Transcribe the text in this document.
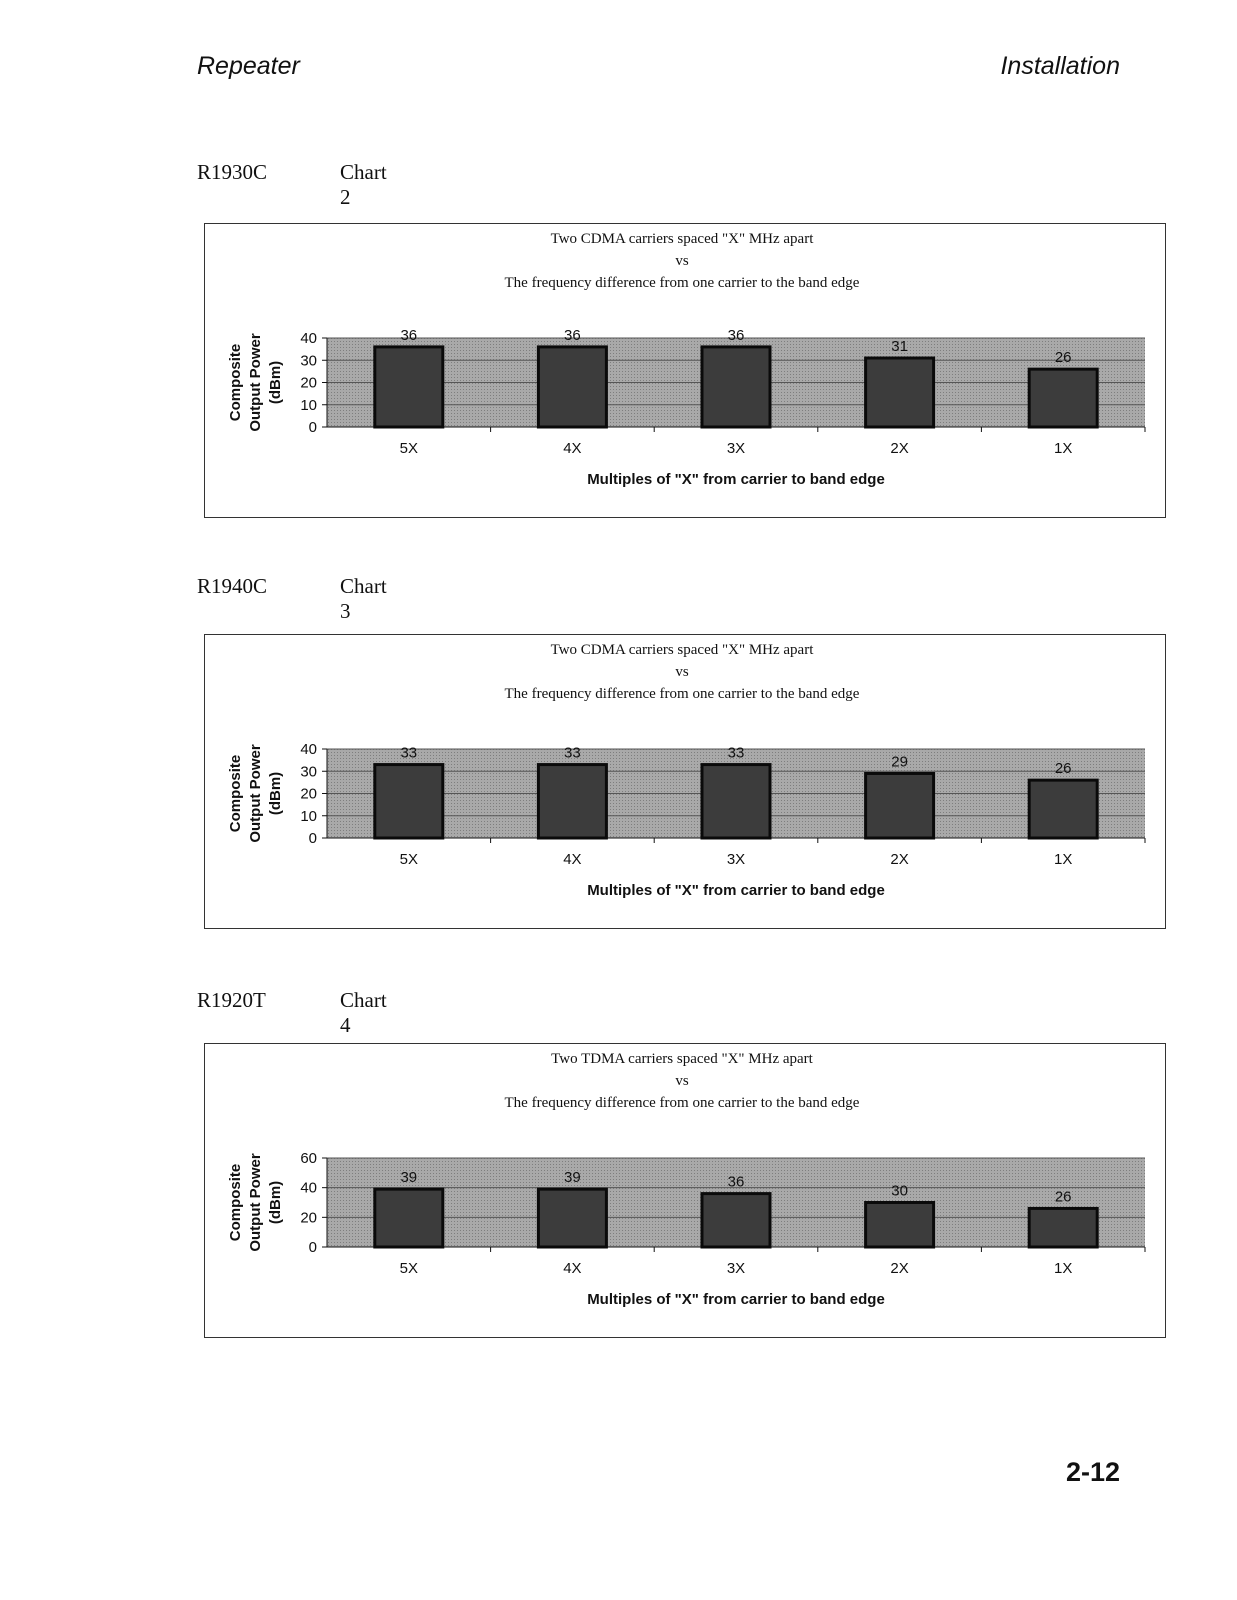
Repeater	Installation
R1930C	Chart 2
Two CDMA carriers spaced "X" MHz apart
vs
The frequency difference from one carrier to the band edge
0
10
20
30
40
Composite Output Power (dBm)
36
5X
36
4X
36
3X
31
2X
26
1X
Multiples of "X" from carrier to band edge
R1940C	Chart 3
Two CDMA carriers spaced "X" MHz apart
vs
The frequency difference from one carrier to the band edge
0
10
20
30
40
Composite Output Power (dBm)
33
5X
33
4X
33
3X
29
2X
26
1X
Multiples of "X" from carrier to band edge
R1920T	Chart 4
Two TDMA carriers spaced "X" MHz apart
vs
The frequency difference from one carrier to the band edge
0
20
40
60
Composite Output Power (dBm)
39
5X
39
4X
36
3X
30
2X
26
1X
Multiples of "X" from carrier to band edge
2-12
